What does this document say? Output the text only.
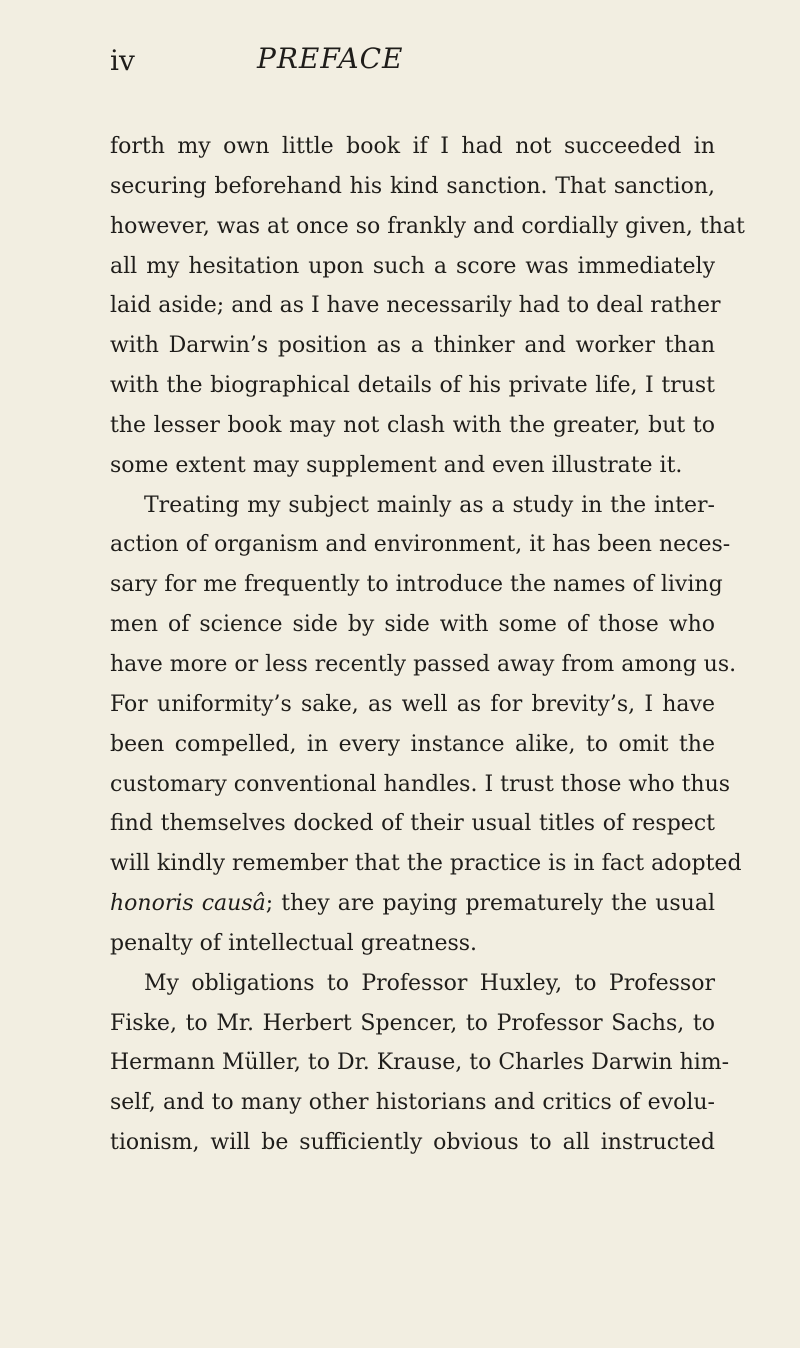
iv	PREFACE
forth my own little book if I had not succeeded in
securing beforehand his kind sanction. That sanction,
however, was at once so frankly and cordially given, that
all my hesitation upon such a score was immediately
laid aside; and as I have necessarily had to deal rather
with Darwin’s position as a thinker and worker than
with the biographical details of his private life, I trust
the lesser book may not clash with the greater, but to
some extent may supplement and even illustrate it.
Treating my subject mainly as a study in the inter-
action of organism and environment, it has been neces-
sary for me frequently to introduce the names of living
men of science side by side with some of those who
have more or less recently passed away from among us.
For uniformity’s sake, as well as for brevity’s, I have
been compelled, in every instance alike, to omit the
customary conventional handles. I trust those who thus
find themselves docked of their usual titles of respect
will kindly remember that the practice is in fact adopted
honoris causâ; they are paying prematurely the usual
penalty of intellectual greatness.
My obligations to Professor Huxley, to Professor
Fiske, to Mr. Herbert Spencer, to Professor Sachs, to
Hermann Müller, to Dr. Krause, to Charles Darwin him-
self, and to many other historians and critics of evolu-
tionism, will be sufficiently obvious to all instructed
